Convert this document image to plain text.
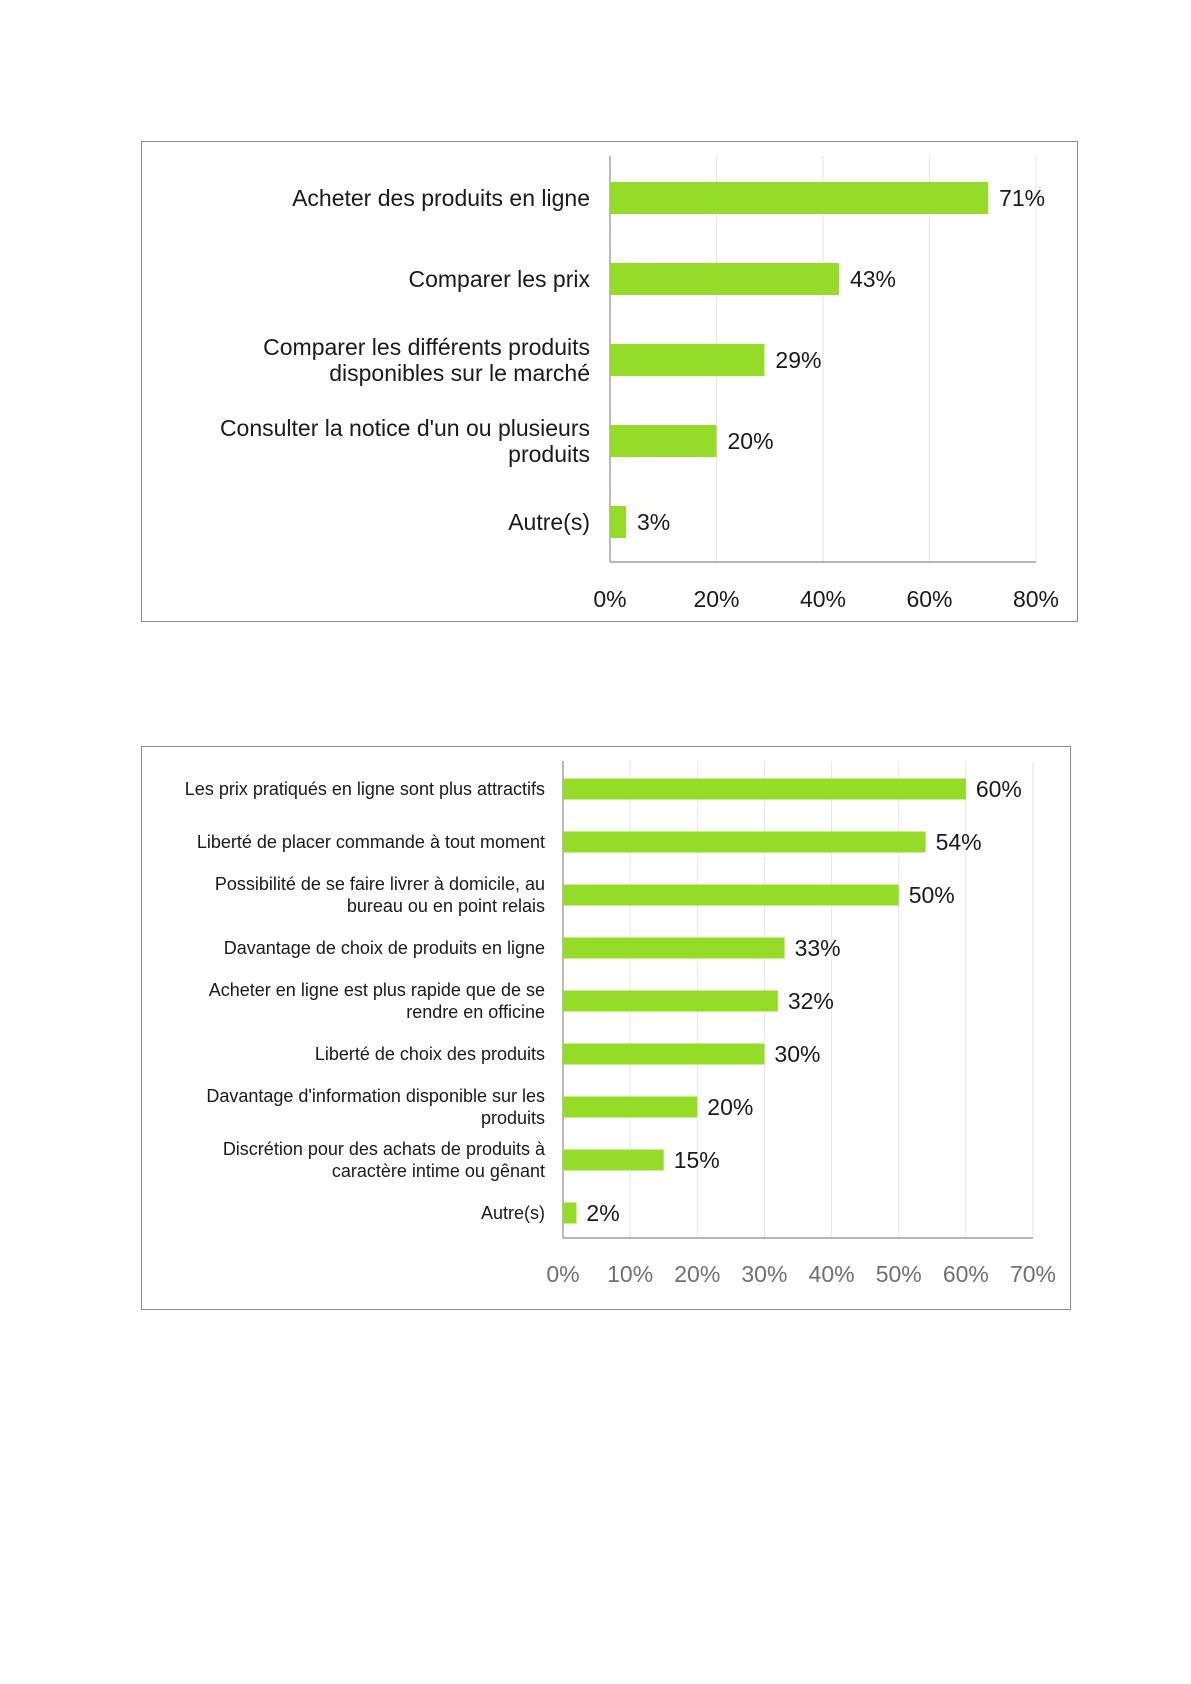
Acheter des produits en ligne	71%
Comparer les prix	43%
Comparer les différents produits disponibles sur le marché	29%
Consulter la notice d'un ou plusieurs produits	20%
Autre(s) 3%
0%	20%	40%	60%	80%
Les prix pratiqués en ligne sont plus attractifs	60%
Liberté de placer commande à tout moment	54%
Possibilité de se faire livrer à domicile, au bureau ou en point relais	50%
Davantage de choix de produits en ligne	33%
Acheter en ligne est plus rapide que de se rendre en officine	32%
Liberté de choix des produits	30%
Davantage d'information disponible sur les produits	20%
Discrétion pour des achats de produits à caractère intime ou gênant	15%
Autre(s) 2%
0% 10% 20% 30% 40% 50% 60% 70%
